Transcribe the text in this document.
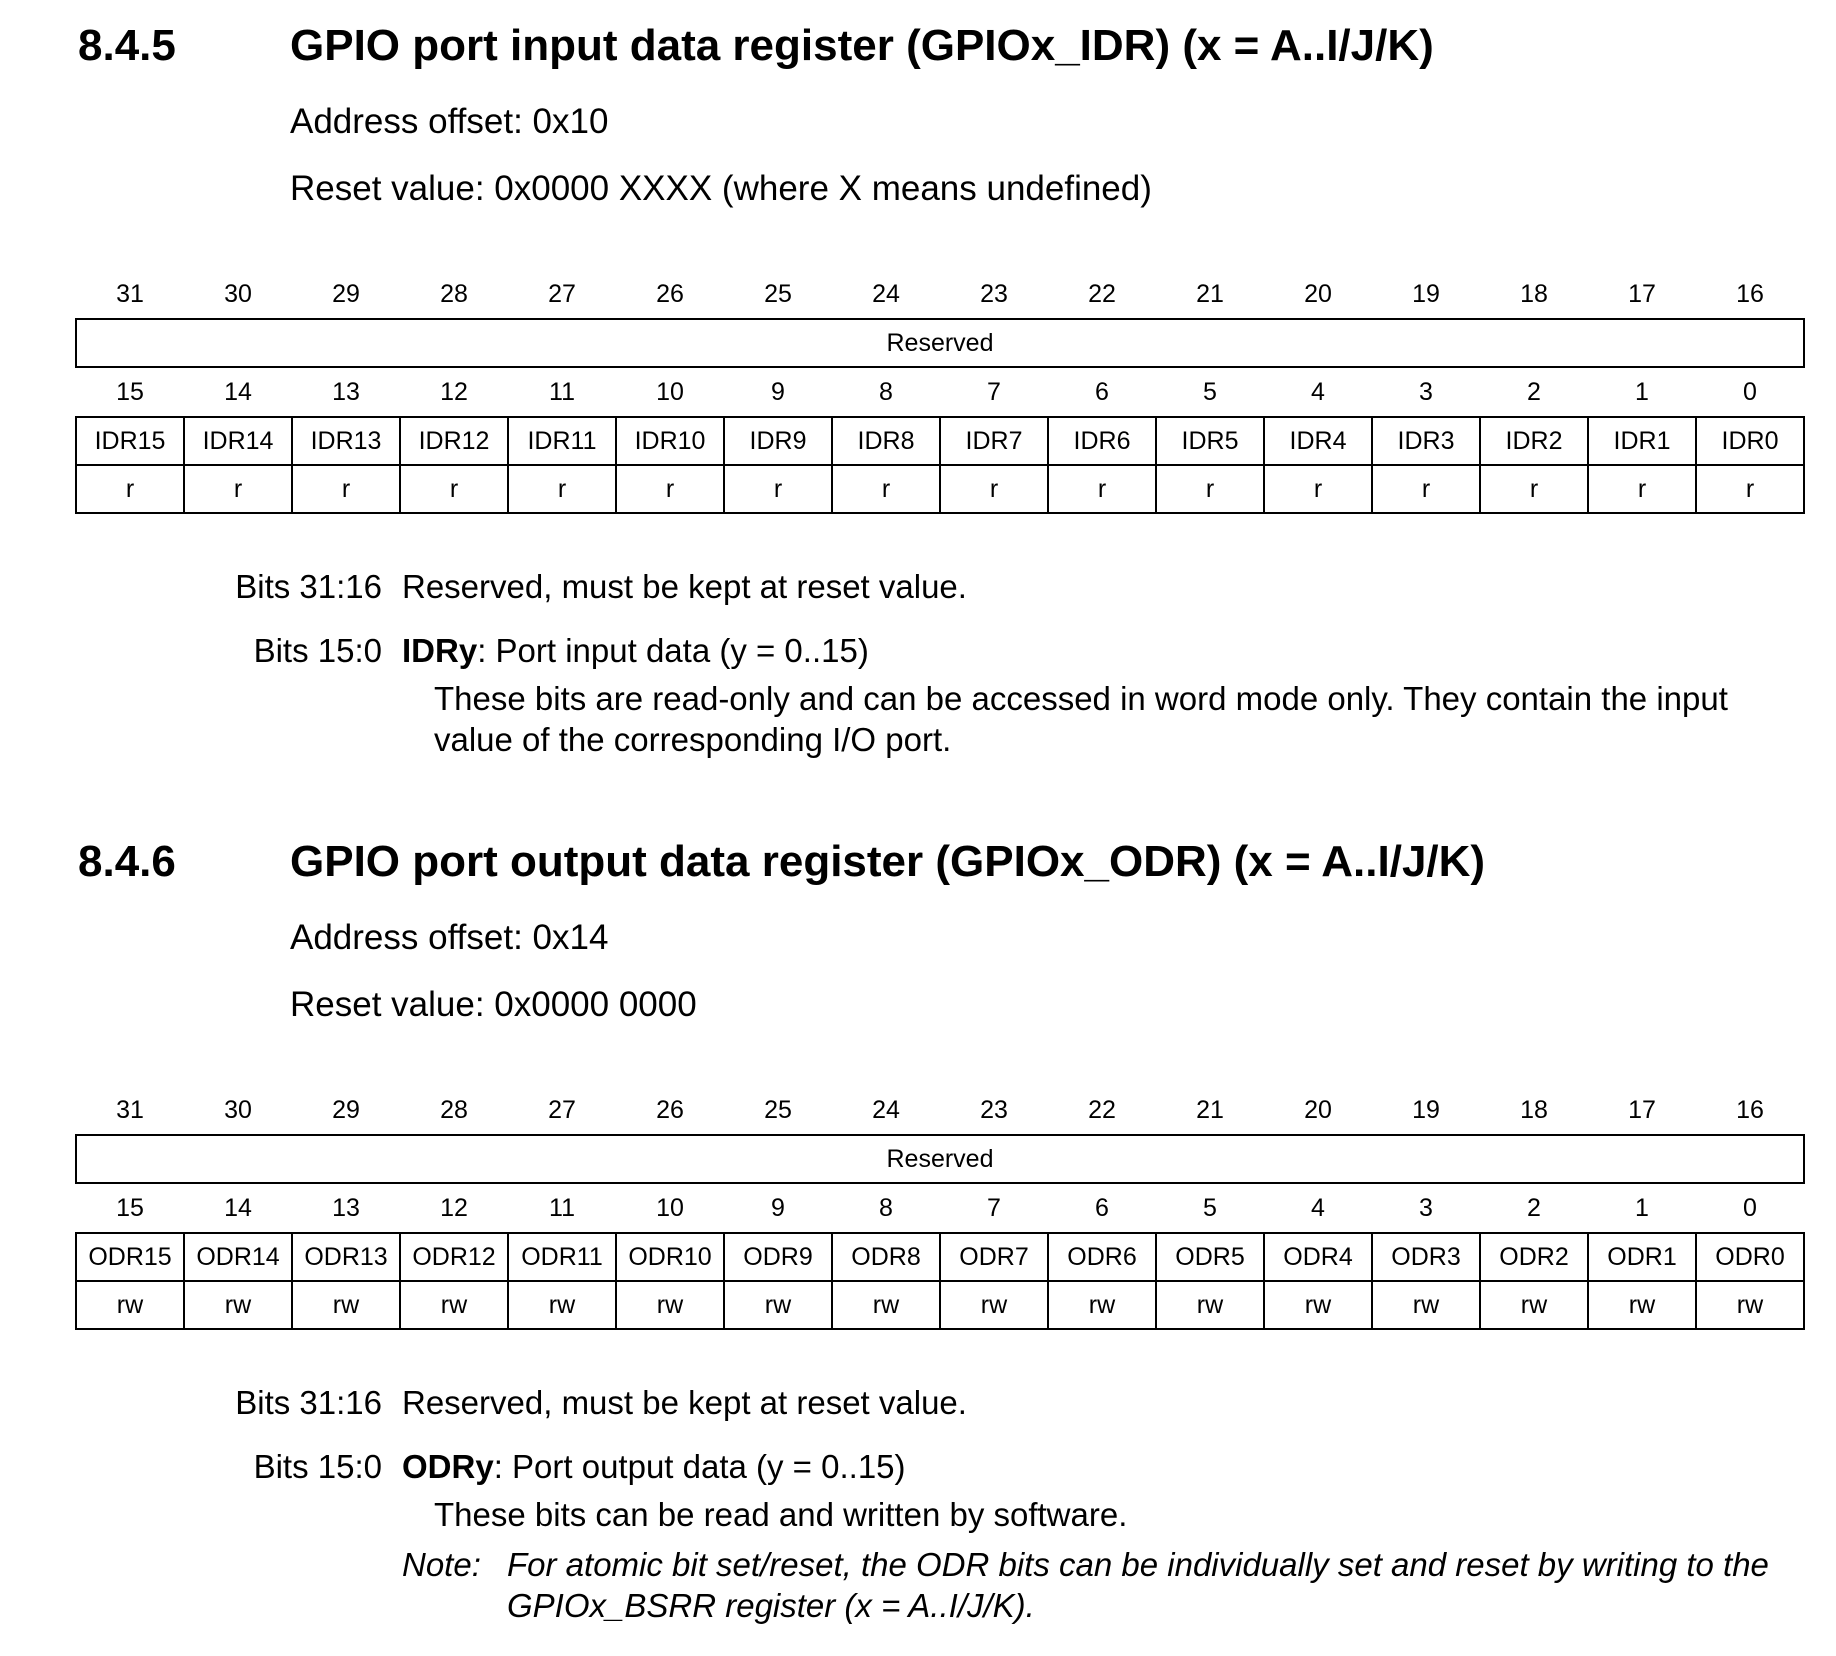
8.4.5	GPIO port input data register (GPIOx_IDR) (x = A..I/J/K)
Address offset: 0x10
Reset value: 0x0000 XXXX (where X means undefined)
31	30	29	28	27	26	25	24	23	22	21	20	19	18	17	16
Reserved															
15	14	13	12	11	10	9	8	7	6	5	4	3	2	1	0
IDR15	IDR14	IDR13	IDR12	IDR11	IDR10	IDR9	IDR8	IDR7	IDR6	IDR5	IDR4	IDR3	IDR2	IDR1	IDR0
r	r	r	r	r	r	r	r	r	r	r	r	r	r	r	r
Bits 31:16 Reserved, must be kept at reset value.
Bits 15:0 IDRy: Port input data (y = 0..15)
These bits are read-only and can be accessed in word mode only. They contain the input value of the corresponding I/O port.
8.4.6	GPIO port output data register (GPIOx_ODR) (x = A..I/J/K)
Address offset: 0x14
Reset value: 0x0000 0000
31	30	29	28	27	26	25	24	23	22	21	20	19	18	17	16
Reserved															
15	14	13	12	11	10	9	8	7	6	5	4	3	2	1	0
ODR15	ODR14	ODR13	ODR12	ODR11	ODR10	ODR9	ODR8	ODR7	ODR6	ODR5	ODR4	ODR3	ODR2	ODR1	ODR0
rw	rw	rw	rw	rw	rw	rw	rw	rw	rw	rw	rw	rw	rw	rw	rw
Bits 31:16 Reserved, must be kept at reset value.
Bits 15:0 ODRy: Port output data (y = 0..15)
These bits can be read and written by software.
Note: For atomic bit set/reset, the ODR bits can be individually set and reset by writing to the GPIOx_BSRR register (x = A..I/J/K).
